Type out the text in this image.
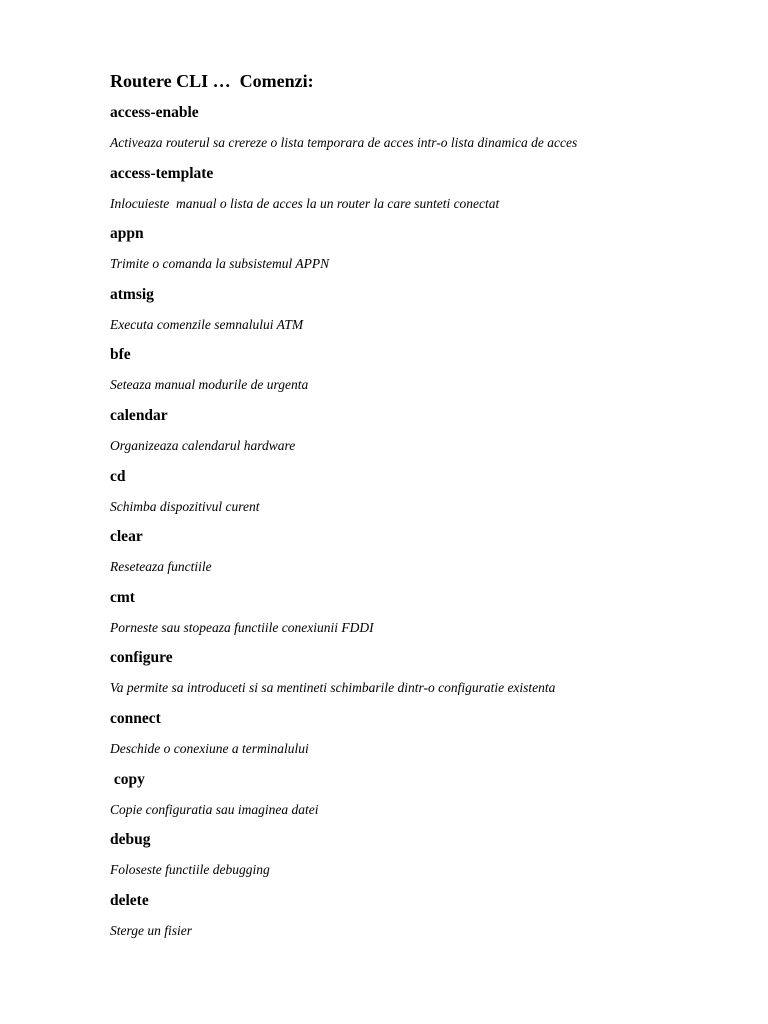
Routere CLI …  Comenzi:
access-enable
Activeaza routerul sa crereze o lista temporara de acces intr-o lista dinamica de acces
access-template
Inlocuieste  manual o lista de acces la un router la care sunteti conectat
appn
Trimite o comanda la subsistemul APPN
atmsig
Executa comenzile semnalului ATM
bfe
Seteaza manual modurile de urgenta
calendar
Organizeaza calendarul hardware
cd
Schimba dispozitivul curent
clear
Reseteaza functiile
cmt
Porneste sau stopeaza functiile conexiunii FDDI
configure
Va permite sa introduceti si sa mentineti schimbarile dintr-o configuratie existenta
connect
Deschide o conexiune a terminalului
copy
Copie configuratia sau imaginea datei
debug
Foloseste functiile debugging
delete
Sterge un fisier
